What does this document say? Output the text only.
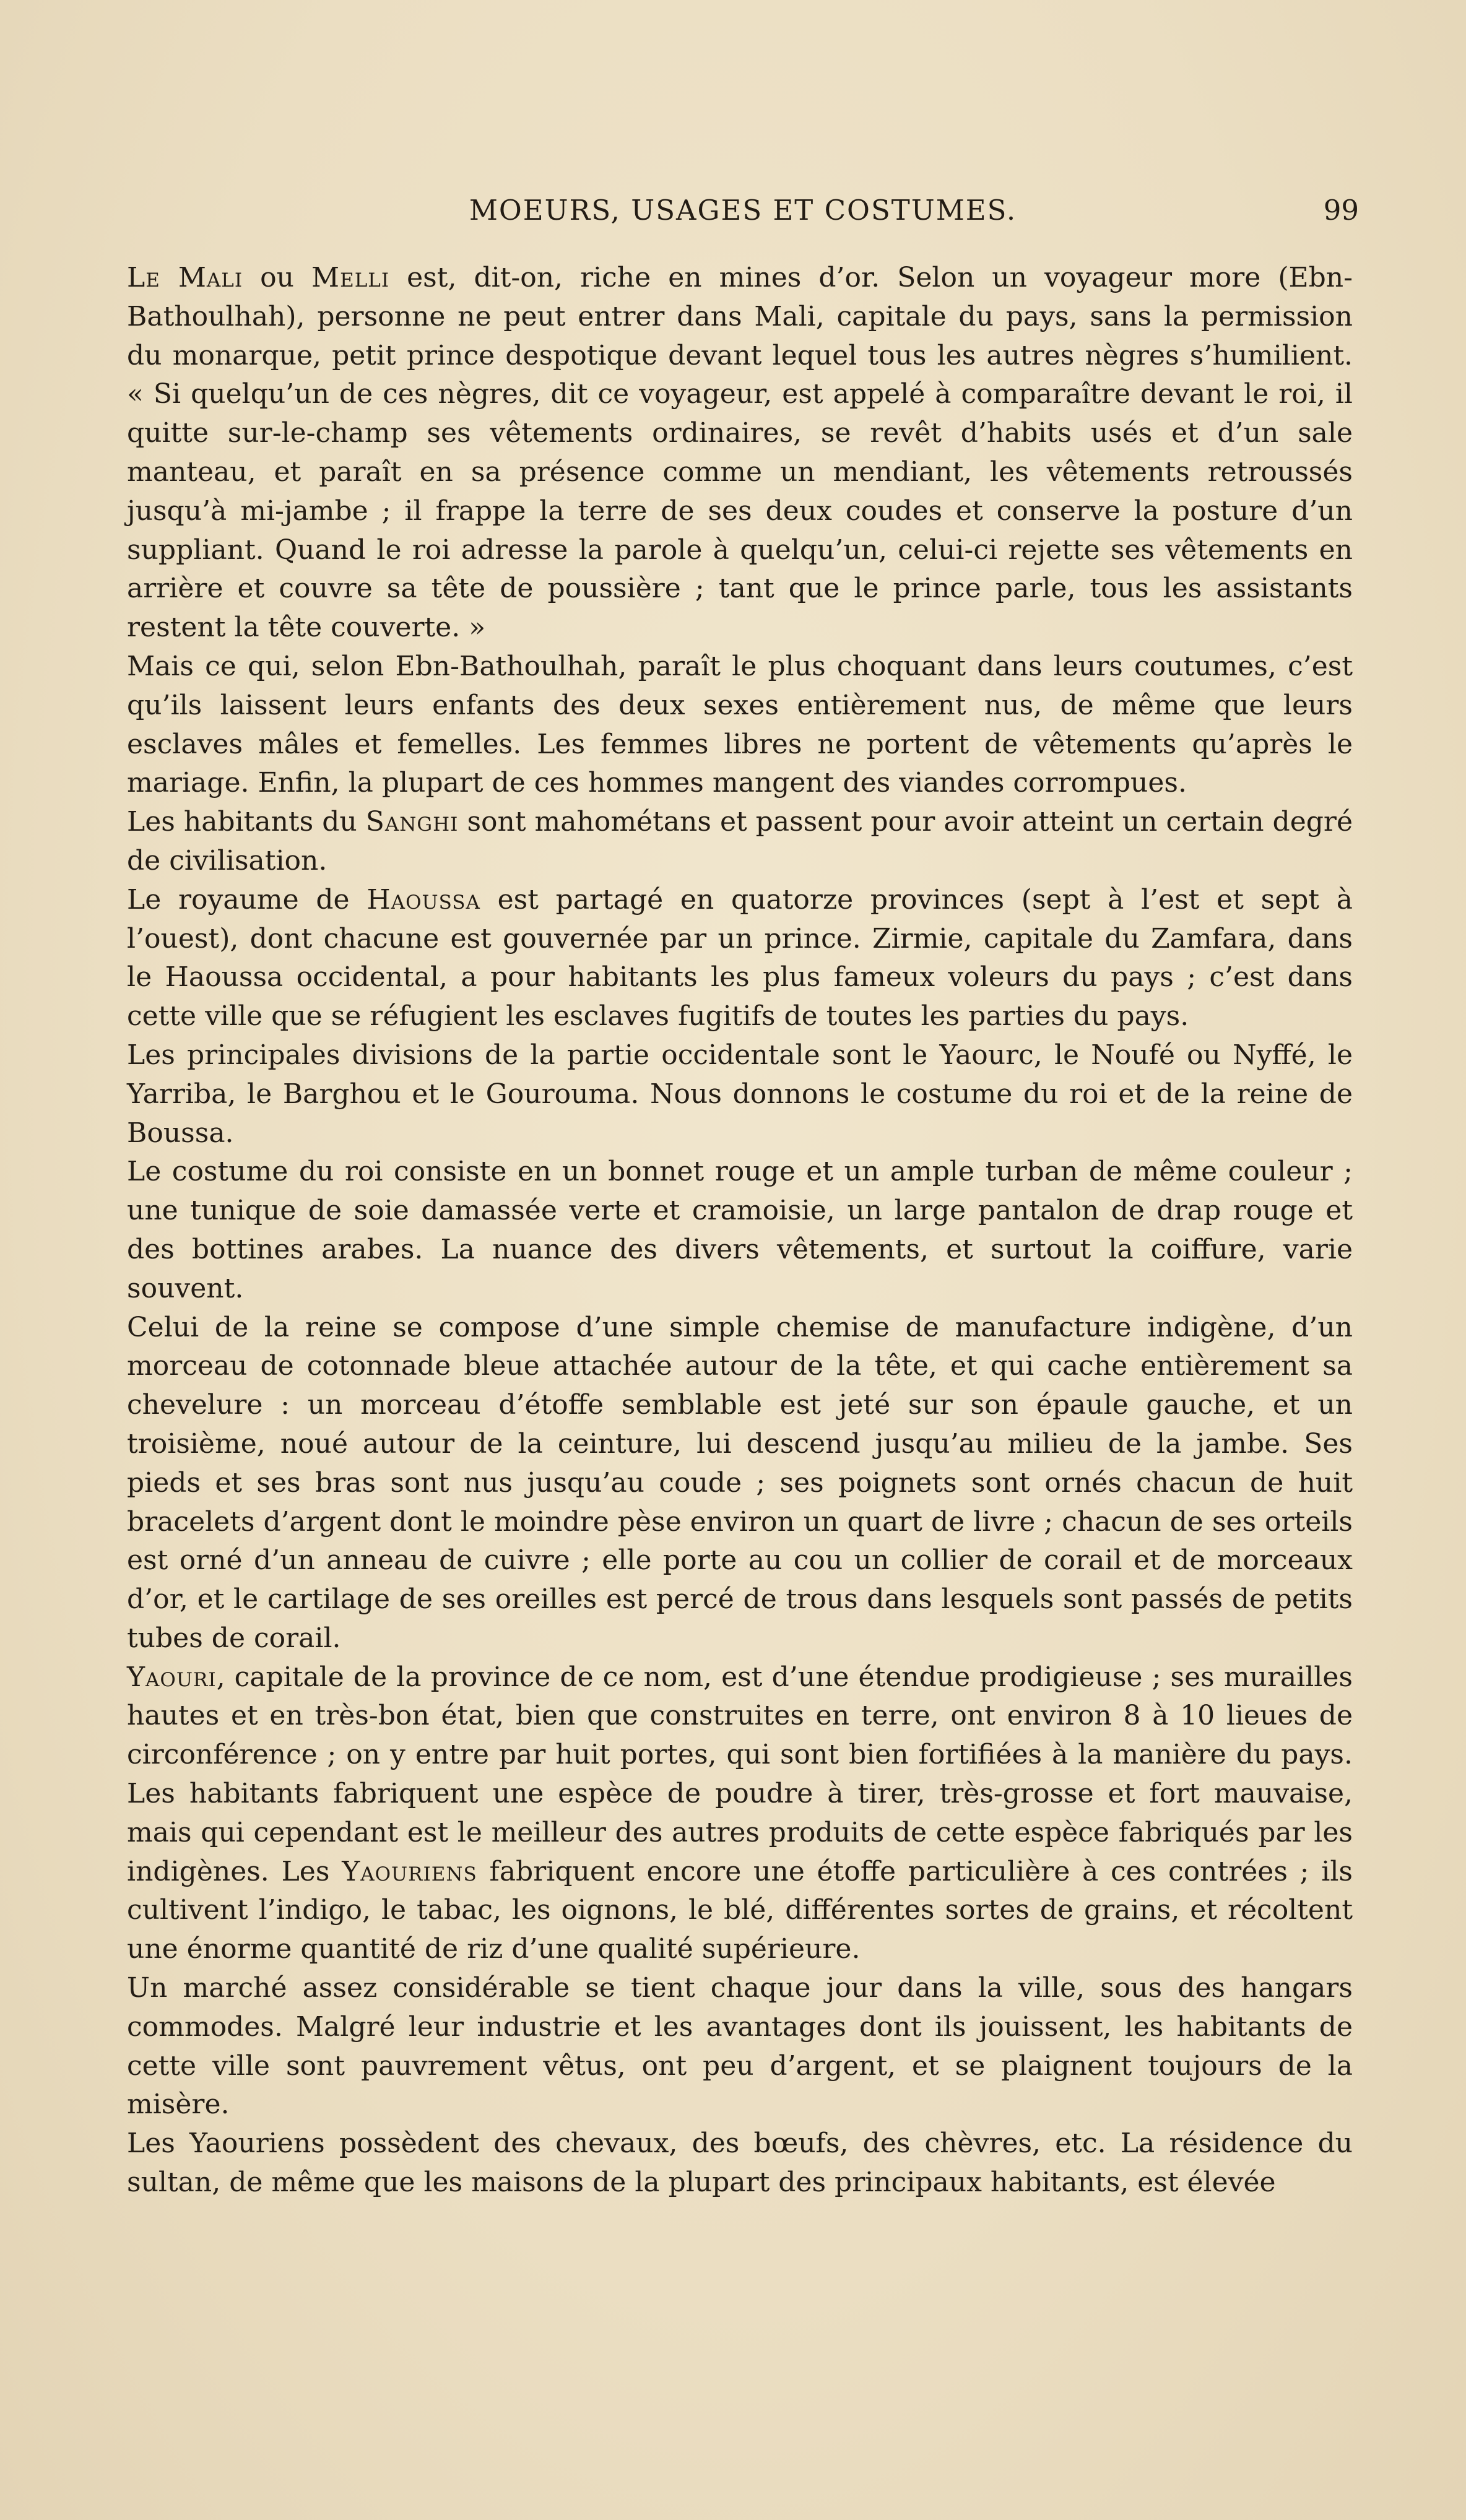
MOEURS, USAGES ET COSTUMES.	99

Le Mali ou Melli est, dit-on, riche en mines d’or. Selon un voyageur more (Ebn-Bathoulhah), personne ne peut entrer dans Mali, capitale du pays, sans la permission du monarque, petit prince despotique devant lequel tous les autres nègres s’humilient. « Si quelqu’un de ces nègres, dit ce voyageur, est appelé à comparaître devant le roi, il quitte sur-le-champ ses vêtements ordinaires, se revêt d’habits usés et d’un sale manteau, et paraît en sa présence comme un mendiant, les vêtements retroussés jusqu’à mi-jambe ; il frappe la terre de ses deux coudes et conserve la posture d’un suppliant. Quand le roi adresse la parole à quelqu’un, celui-ci rejette ses vêtements en arrière et couvre sa tête de poussière ; tant que le prince parle, tous les assistants restent la tête couverte. »

Mais ce qui, selon Ebn-Bathoulhah, paraît le plus choquant dans leurs coutumes, c’est qu’ils laissent leurs enfants des deux sexes entièrement nus, de même que leurs esclaves mâles et femelles. Les femmes libres ne portent de vêtements qu’après le mariage. Enfin, la plupart de ces hommes mangent des viandes corrompues.

Les habitants du Sanghi sont mahométans et passent pour avoir atteint un certain degré de civilisation.

Le royaume de Haoussa est partagé en quatorze provinces (sept à l’est et sept à l’ouest), dont chacune est gouvernée par un prince. Zirmie, capitale du Zamfara, dans le Haoussa occidental, a pour habitants les plus fameux voleurs du pays ; c’est dans cette ville que se réfugient les esclaves fugitifs de toutes les parties du pays.

Les principales divisions de la partie occidentale sont le Yaourc, le Noufé ou Nyffé, le Yarriba, le Barghou et le Gourouma. Nous donnons le costume du roi et de la reine de Boussa.

Le costume du roi consiste en un bonnet rouge et un ample turban de même couleur ; une tunique de soie damassée verte et cramoisie, un large pantalon de drap rouge et des bottines arabes. La nuance des divers vêtements, et surtout la coiffure, varie souvent.

Celui de la reine se compose d’une simple chemise de manufacture indigène, d’un morceau de cotonnade bleue attachée autour de la tête, et qui cache entièrement sa chevelure : un morceau d’étoffe semblable est jeté sur son épaule gauche, et un troisième, noué autour de la ceinture, lui descend jusqu’au milieu de la jambe. Ses pieds et ses bras sont nus jusqu’au coude ; ses poignets sont ornés chacun de huit bracelets d’argent dont le moindre pèse environ un quart de livre ; chacun de ses orteils est orné d’un anneau de cuivre ; elle porte au cou un collier de corail et de morceaux d’or, et le cartilage de ses oreilles est percé de trous dans lesquels sont passés de petits tubes de corail.

Yaouri, capitale de la province de ce nom, est d’une étendue prodigieuse ; ses murailles hautes et en très-bon état, bien que construites en terre, ont environ 8 à 10 lieues de circonférence ; on y entre par huit portes, qui sont bien fortifiées à la manière du pays. Les habitants fabriquent une espèce de poudre à tirer, très-grosse et fort mauvaise, mais qui cependant est le meilleur des autres produits de cette espèce fabriqués par les indigènes. Les Yaouriens fabriquent encore une étoffe particulière à ces contrées ; ils cultivent l’indigo, le tabac, les oignons, le blé, différentes sortes de grains, et récoltent une énorme quantité de riz d’une qualité supérieure.

Un marché assez considérable se tient chaque jour dans la ville, sous des hangars commodes. Malgré leur industrie et les avantages dont ils jouissent, les habitants de cette ville sont pauvrement vêtus, ont peu d’argent, et se plaignent toujours de la misère.

Les Yaouriens possèdent des chevaux, des bœufs, des chèvres, etc. La résidence du sultan, de même que les maisons de la plupart des principaux habitants, est élevée
